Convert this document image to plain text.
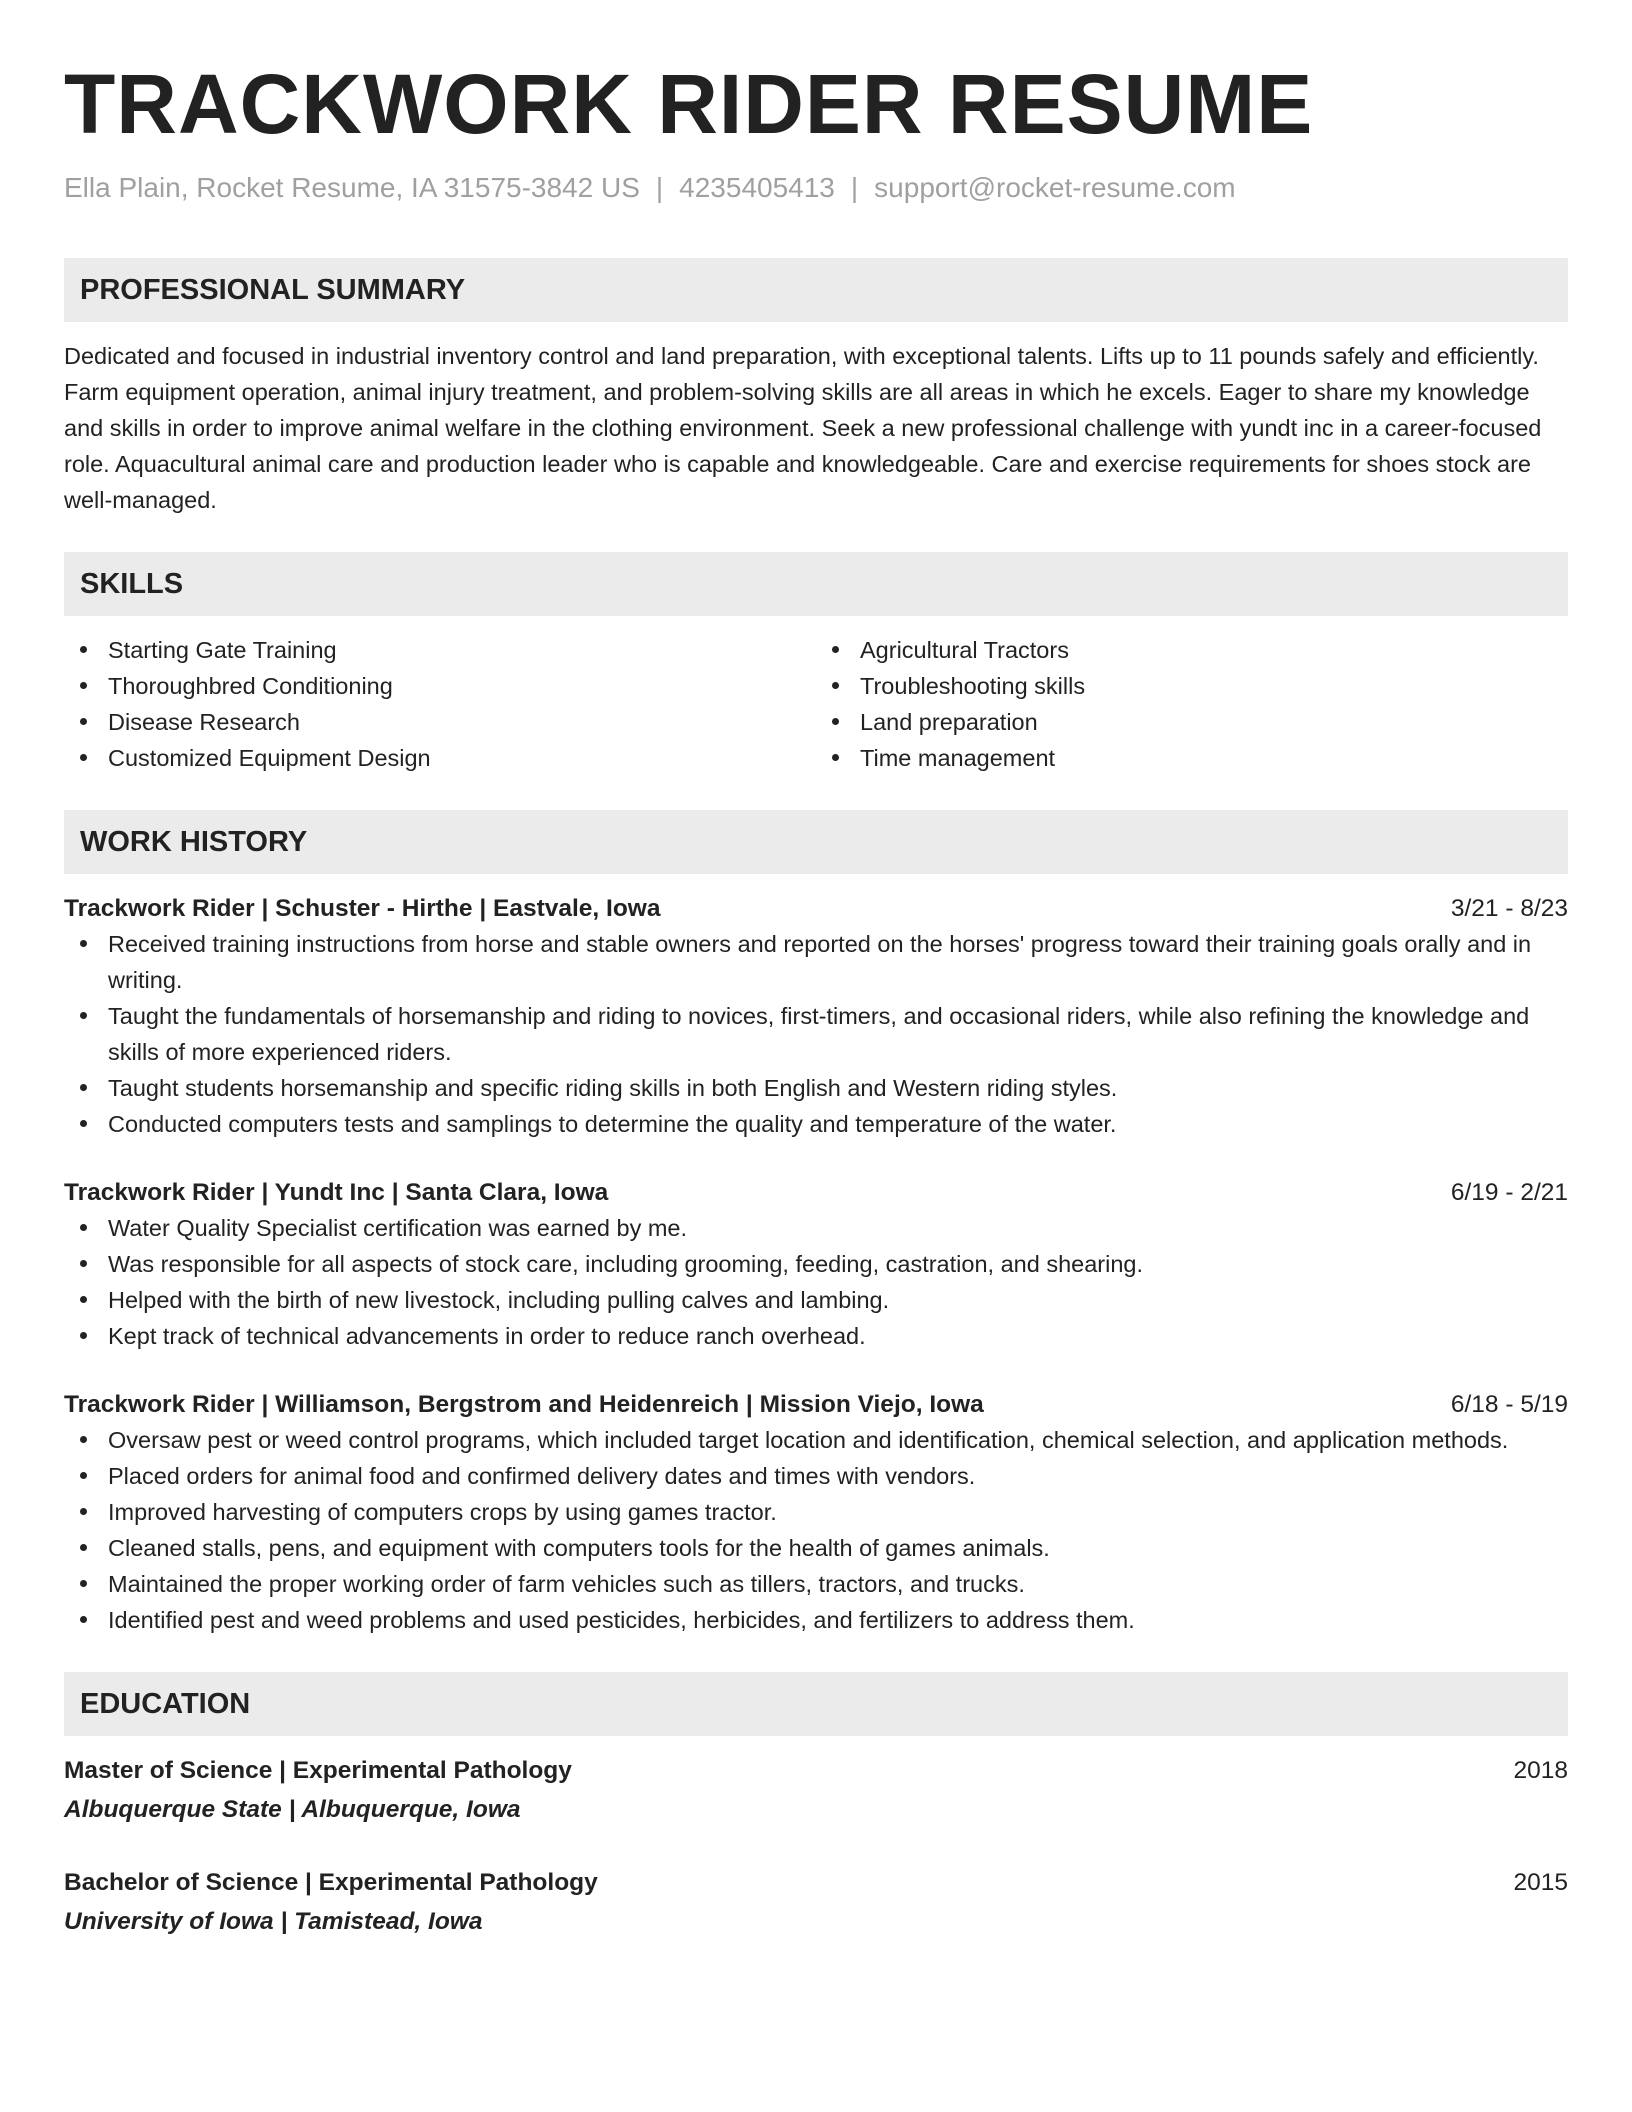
TRACKWORK RIDER RESUME
Ella Plain, Rocket Resume, IA 31575-3842 US | 4235405413 | support@rocket-resume.com
PROFESSIONAL SUMMARY
Dedicated and focused in industrial inventory control and land preparation, with exceptional talents. Lifts up to 11 pounds safely and efficiently. Farm equipment operation, animal injury treatment, and problem-solving skills are all areas in which he excels. Eager to share my knowledge and skills in order to improve animal welfare in the clothing environment. Seek a new professional challenge with yundt inc in a career-focused role. Aquacultural animal care and production leader who is capable and knowledgeable. Care and exercise requirements for shoes stock are well-managed.
SKILLS
Starting Gate Training
Thoroughbred Conditioning
Disease Research
Customized Equipment Design
Agricultural Tractors
Troubleshooting skills
Land preparation
Time management
WORK HISTORY
Trackwork Rider | Schuster - Hirthe | Eastvale, Iowa	3/21 - 8/23
Received training instructions from horse and stable owners and reported on the horses' progress toward their training goals orally and in writing.
Taught the fundamentals of horsemanship and riding to novices, first-timers, and occasional riders, while also refining the knowledge and skills of more experienced riders.
Taught students horsemanship and specific riding skills in both English and Western riding styles.
Conducted computers tests and samplings to determine the quality and temperature of the water.
Trackwork Rider | Yundt Inc | Santa Clara, Iowa	6/19 - 2/21
Water Quality Specialist certification was earned by me.
Was responsible for all aspects of stock care, including grooming, feeding, castration, and shearing.
Helped with the birth of new livestock, including pulling calves and lambing.
Kept track of technical advancements in order to reduce ranch overhead.
Trackwork Rider | Williamson, Bergstrom and Heidenreich | Mission Viejo, Iowa	6/18 - 5/19
Oversaw pest or weed control programs, which included target location and identification, chemical selection, and application methods.
Placed orders for animal food and confirmed delivery dates and times with vendors.
Improved harvesting of computers crops by using games tractor.
Cleaned stalls, pens, and equipment with computers tools for the health of games animals.
Maintained the proper working order of farm vehicles such as tillers, tractors, and trucks.
Identified pest and weed problems and used pesticides, herbicides, and fertilizers to address them.
EDUCATION
Master of Science | Experimental Pathology	2018
Albuquerque State | Albuquerque, Iowa
Bachelor of Science | Experimental Pathology	2015
University of Iowa | Tamistead, Iowa
